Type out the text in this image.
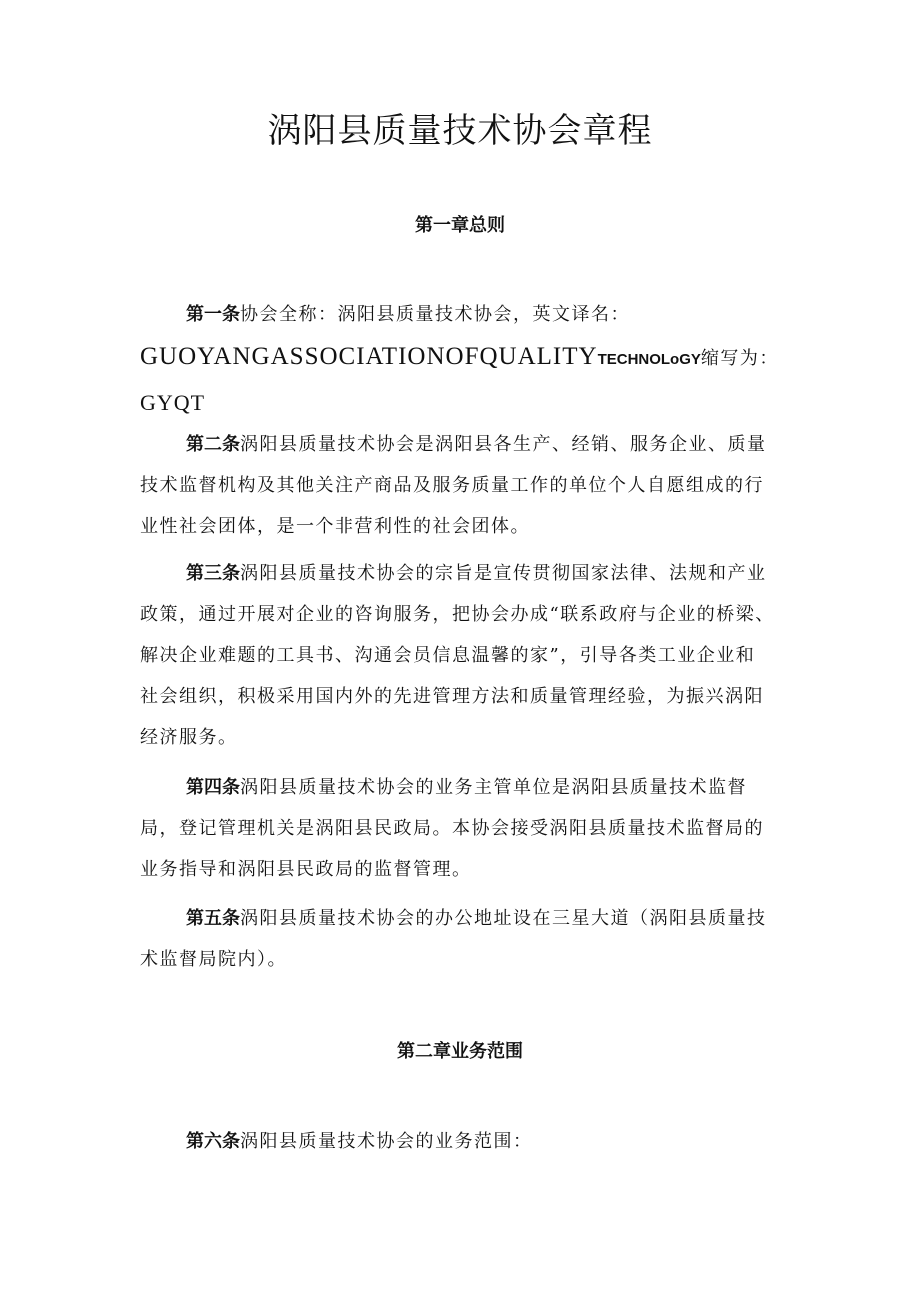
涡阳县质量技术协会章程
第一章总则
第一条协会全称：涡阳县质量技术协会，英文译名：
GUOYANGASSOCIATIONOFQUALITYTECHNOLoGY缩写为：
GYQT
第二条涡阳县质量技术协会是涡阳县各生产、经销、服务企业、质量
技术监督机构及其他关注产商品及服务质量工作的单位个人自愿组成的行
业性社会团体，是一个非营利性的社会团体。
第三条涡阳县质量技术协会的宗旨是宣传贯彻国家法律、法规和产业
政策，通过开展对企业的咨询服务，把协会办成“联系政府与企业的桥梁、
解决企业难题的工具书、沟通会员信息温馨的家”，引导各类工业企业和
社会组织，积极采用国内外的先进管理方法和质量管理经验，为振兴涡阳
经济服务。
第四条涡阳县质量技术协会的业务主管单位是涡阳县质量技术监督
局，登记管理机关是涡阳县民政局。本协会接受涡阳县质量技术监督局的
业务指导和涡阳县民政局的监督管理。
第五条涡阳县质量技术协会的办公地址设在三星大道（涡阳县质量技
术监督局院内）。
第二章业务范围
第六条涡阳县质量技术协会的业务范围：
